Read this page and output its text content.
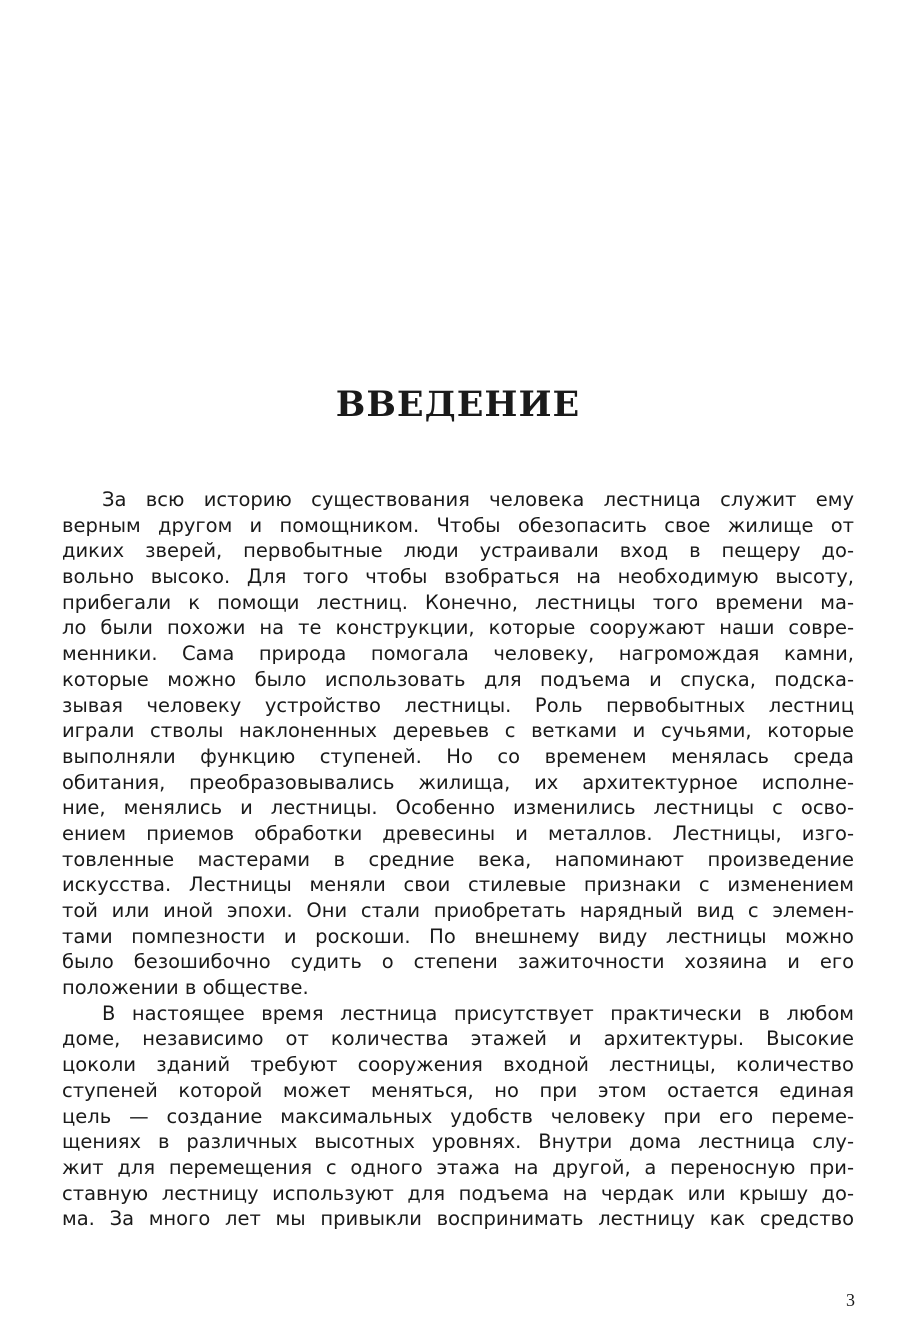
ВВЕДЕНИЕ
За всю историю существования человека лестница служит ему
верным другом и помощником. Чтобы обезопасить свое жилище от
диких зверей, первобытные люди устраивали вход в пещеру до-
вольно высоко. Для того чтобы взобраться на необходимую высоту,
прибегали к помощи лестниц. Конечно, лестницы того времени ма-
ло были похожи на те конструкции, которые сооружают наши совре-
менники. Сама природа помогала человеку, нагромождая камни,
которые можно было использовать для подъема и спуска, подска-
зывая человеку устройство лестницы. Роль первобытных лестниц
играли стволы наклоненных деревьев с ветками и сучьями, которые
выполняли функцию ступеней. Но со временем менялась среда
обитания, преобразовывались жилища, их архитектурное исполне-
ние, менялись и лестницы. Особенно изменились лестницы с осво-
ением приемов обработки древесины и металлов. Лестницы, изго-
товленные мастерами в средние века, напоминают произведение
искусства. Лестницы меняли свои стилевые признаки с изменением
той или иной эпохи. Они стали приобретать нарядный вид с элемен-
тами помпезности и роскоши. По внешнему виду лестницы можно
было безошибочно судить о степени зажиточности хозяина и его
положении в обществе.
В настоящее время лестница присутствует практически в любом
доме, независимо от количества этажей и архитектуры. Высокие
цоколи зданий требуют сооружения входной лестницы, количество
ступеней которой может меняться, но при этом остается единая
цель — создание максимальных удобств человеку при его переме-
щениях в различных высотных уровнях. Внутри дома лестница слу-
жит для перемещения с одного этажа на другой, а переносную при-
ставную лестницу используют для подъема на чердак или крышу до-
ма. За много лет мы привыкли воспринимать лестницу как средство
3
